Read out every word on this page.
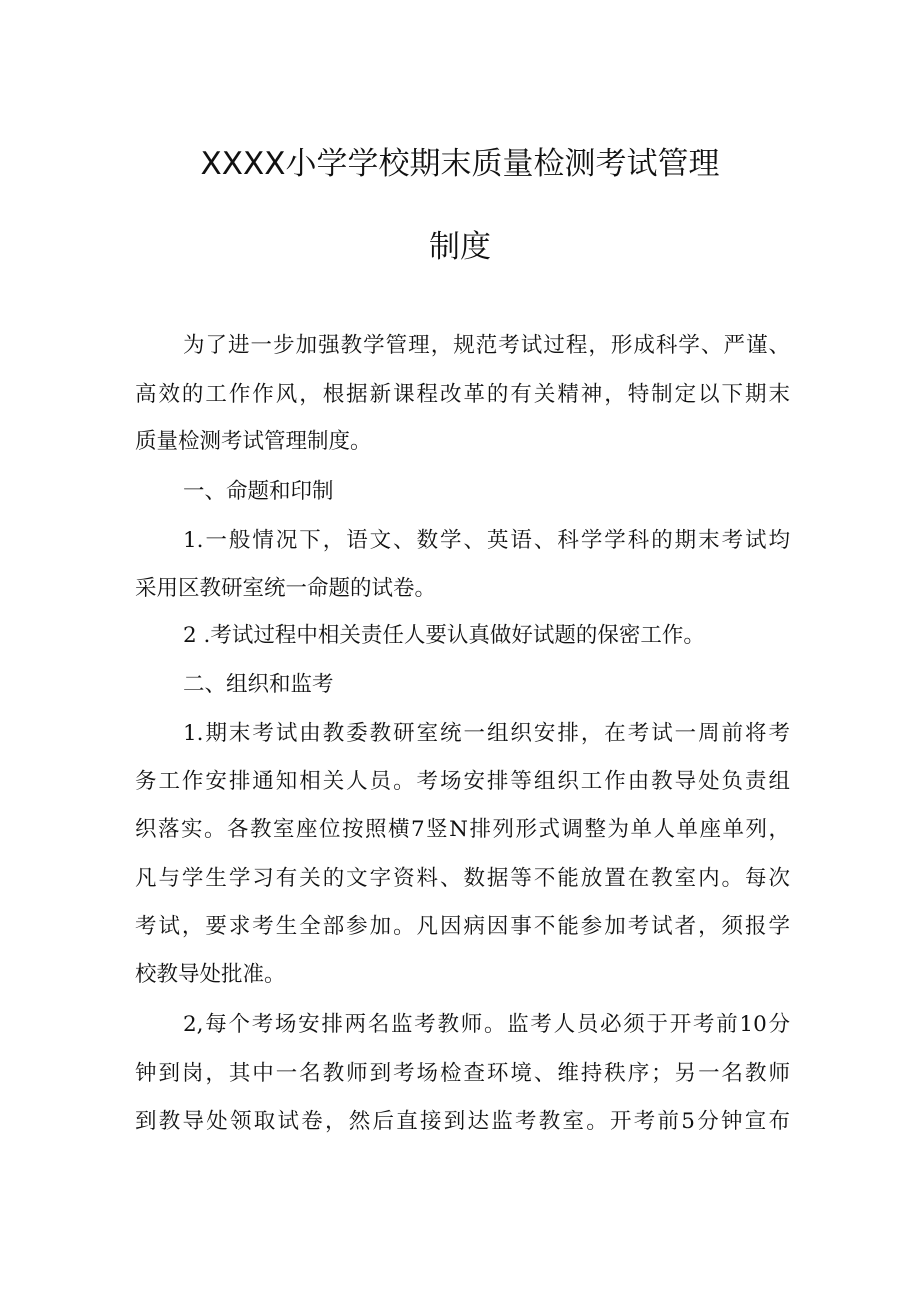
XXXX小学学校期末质量检测考试管理
制度
为了进一步加强教学管理，规范考试过程，形成科学、严谨、
高效的工作作风，根据新课程改革的有关精神，特制定以下期末
质量检测考试管理制度。
一、命题和印制
1.一般情况下，语文、数学、英语、科学学科的期末考试均
采用区教研室统一命题的试卷。
2 .考试过程中相关责任人要认真做好试题的保密工作。
二、组织和监考
1.期末考试由教委教研室统一组织安排，在考试一周前将考
务工作安排通知相关人员。考场安排等组织工作由教导处负责组
织落实。各教室座位按照横7竖N排列形式调整为单人单座单列，
凡与学生学习有关的文字资料、数据等不能放置在教室内。每次
考试，要求考生全部参加。凡因病因事不能参加考试者，须报学
校教导处批准。
2,每个考场安排两名监考教师。监考人员必须于开考前10分
钟到岗，其中一名教师到考场检查环境、维持秩序；另一名教师
到教导处领取试卷，然后直接到达监考教室。开考前5分钟宣布
